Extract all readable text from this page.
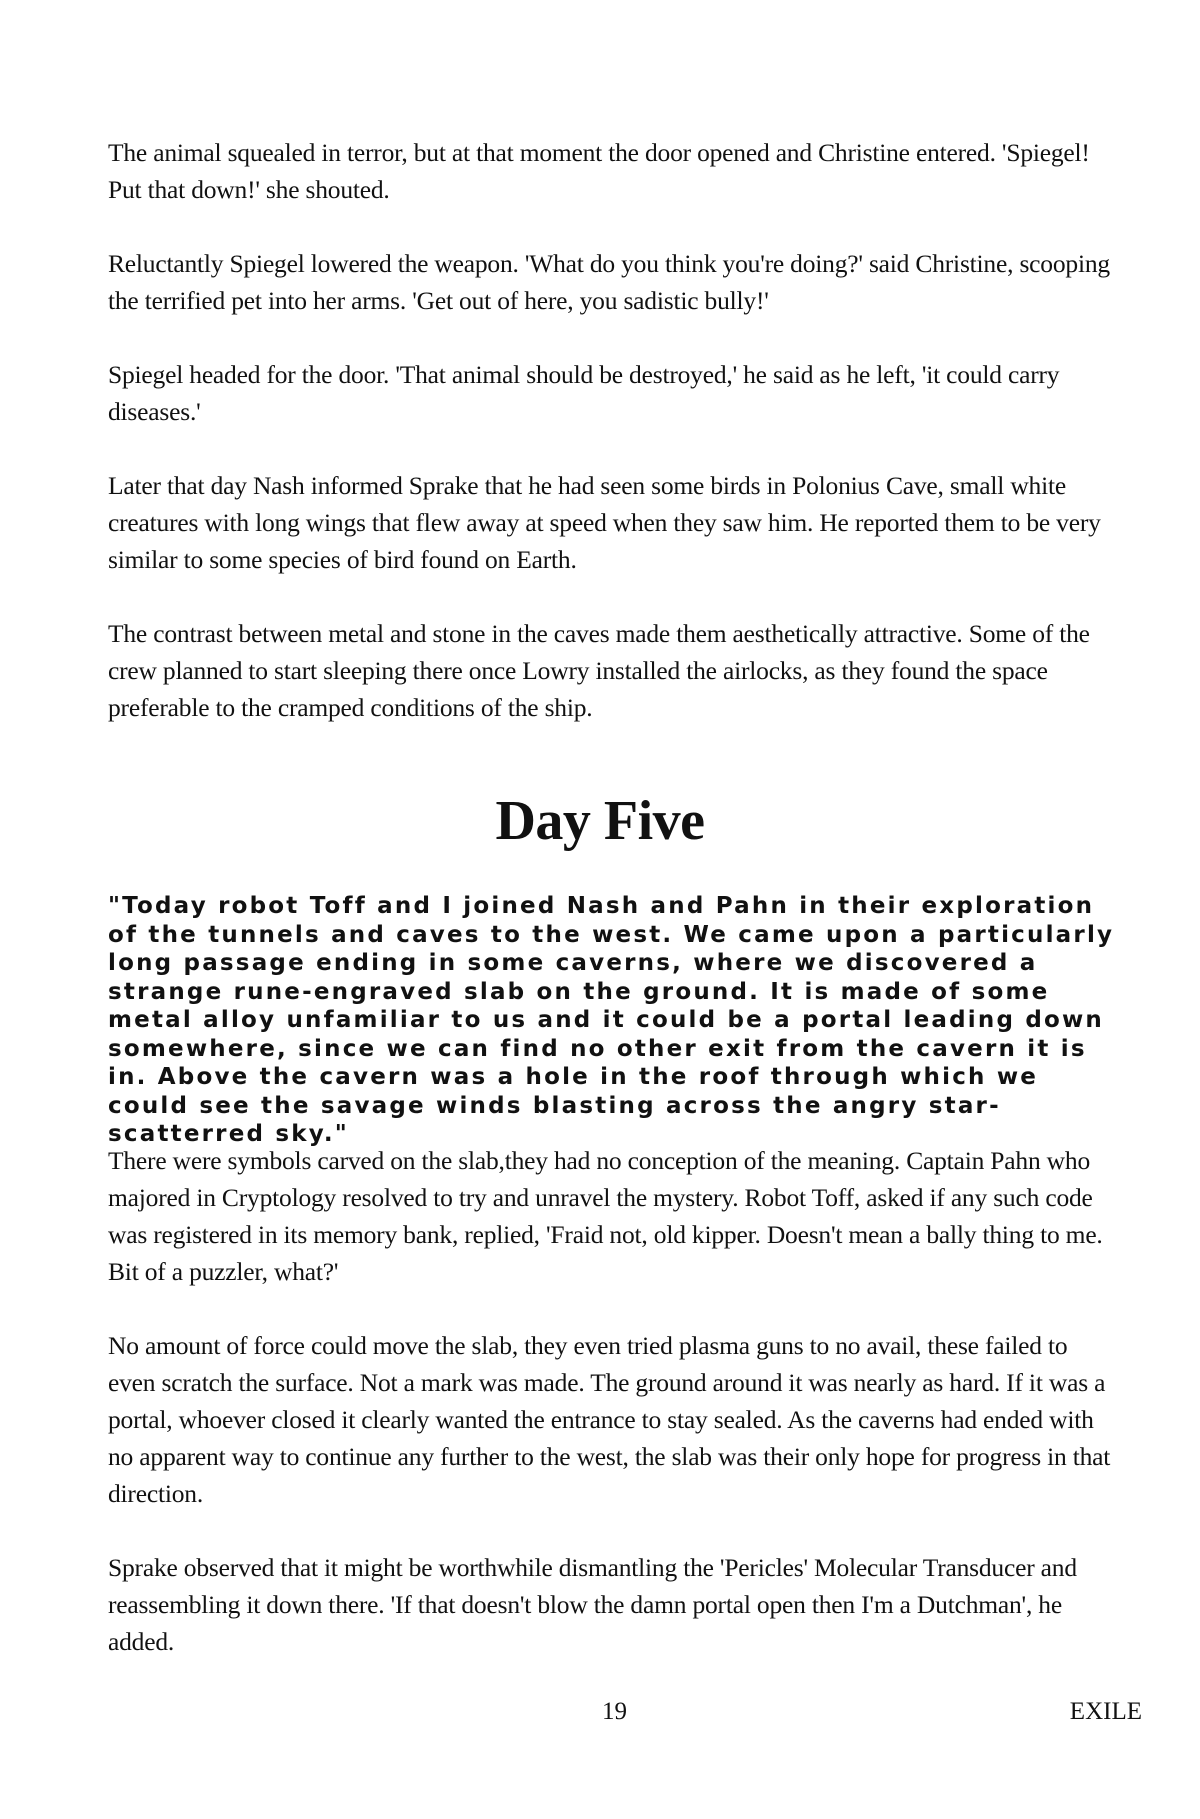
The animal squealed in terror, but at that moment the door opened and Christine entered. 'Spiegel! Put that down!' she shouted.

Reluctantly Spiegel lowered the weapon. 'What do you think you're doing?' said Christine, scooping the terrified pet into her arms. 'Get out of here, you sadistic bully!'

Spiegel headed for the door. 'That animal should be destroyed,' he said as he left, 'it could carry diseases.'

Later that day Nash informed Sprake that he had seen some birds in Polonius Cave, small white creatures with long wings that flew away at speed when they saw him. He reported them to be very similar to some species of bird found on Earth.

The contrast between metal and stone in the caves made them aesthetically attractive. Some of the crew planned to start sleeping there once Lowry installed the airlocks, as they found the space preferable to the cramped conditions of the ship.

Day Five

"Today robot Toff and I joined Nash and Pahn in their exploration of the tunnels and caves to the west. We came upon a particularly long passage ending in some caverns, where we discovered a strange rune-engraved slab on the ground. It is made of some metal alloy unfamiliar to us and it could be a portal leading down somewhere, since we can find no other exit from the cavern it is in. Above the cavern was a hole in the roof through which we could see the savage winds blasting across the angry star-scatterred sky."

There were symbols carved on the slab,they had no conception of the meaning. Captain Pahn who majored in Cryptology resolved to try and unravel the mystery. Robot Toff, asked if any such code was registered in its memory bank, replied, 'Fraid not, old kipper. Doesn't mean a bally thing to me. Bit of a puzzler, what?'

No amount of force could move the slab, they even tried plasma guns to no avail, these failed to even scratch the surface. Not a mark was made. The ground around it was nearly as hard. If it was a portal, whoever closed it clearly wanted the entrance to stay sealed. As the caverns had ended with no apparent way to continue any further to the west, the slab was their only hope for progress in that direction.

Sprake observed that it might be worthwhile dismantling the 'Pericles' Molecular Transducer and reassembling it down there. 'If that doesn't blow the damn portal open then I'm a Dutchman', he added.

19	EXILE
